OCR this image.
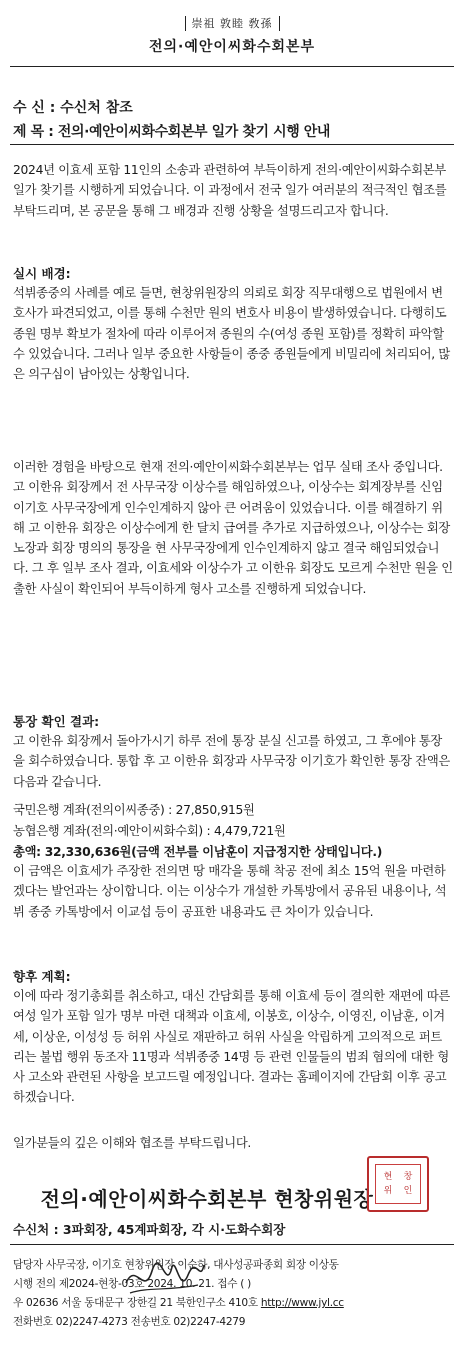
崇祖 敦睦 敎孫
전의·예안이씨화수회본부
수 신 : 수신처 참조
제 목 : 전의·예안이씨화수회본부 일가 찾기 시행 안내

2024년 이효세 포함 11인의 소송과 관련하여 부득이하게 전의·예안이씨화수회본부 일가 찾기를 시행하게 되었습니다. 이 과정에서 전국 일가 여러분의 적극적인 협조를 부탁드리며, 본 공문을 통해 그 배경과 진행 상황을 설명드리고자 합니다.

실시 배경:

석뷔종중의 사례를 예로 들면, 현창위원장의 의뢰로 회장 직무대행으로 법원에서 변호사가 파견되었고, 이를 통해 수천만 원의 변호사 비용이 발생하였습니다. 다행히도 종원 명부 확보가 절차에 따라 이루어져 종원의 수(여성 종원 포함)를 정확히 파악할 수 있었습니다. 그러나 일부 중요한 사항들이 종중 종원들에게 비밀리에 처리되어, 많은 의구심이 남아있는 상황입니다.

이러한 경험을 바탕으로 현재 전의·예안이씨화수회본부는 업무 실태 조사 중입니다. 고 이한유 회장께서 전 사무국장 이상수를 해임하였으나, 이상수는 회계장부를 신임 이기호 사무국장에게 인수인계하지 않아 큰 어려움이 있었습니다. 이를 해결하기 위해 고 이한유 회장은 이상수에게 한 달치 급여를 추가로 지급하였으나, 이상수는 회장 노장과 회장 명의의 통장을 현 사무국장에게 인수인계하지 않고 결국 해임되었습니다. 그 후 일부 조사 결과, 이효세와 이상수가 고 이한유 회장도 모르게 수천만 원을 인출한 사실이 확인되어 부득이하게 형사 고소를 진행하게 되었습니다.

통장 확인 결과:

고 이한유 회장께서 돌아가시기 하루 전에 통장 분실 신고를 하였고, 그 후에야 통장을 회수하였습니다. 통합 후 고 이한유 회장과 사무국장 이기호가 확인한 통장 잔액은 다음과 같습니다.

국민은행 계좌(전의이씨종중) : 27,850,915원
농협은행 계좌(전의·예안이씨화수회) : 4,479,721원
총액: 32,330,636원(금액 전부를 이남훈이 지급정지한 상태입니다.)

이 금액은 이효세가 주장한 전의면 땅 매각을 통해 착공 전에 최소 15억 원을 마련하겠다는 발언과는 상이합니다. 이는 이상수가 개설한 카톡방에서 공유된 내용이나, 석뷔 종중 카톡방에서 이교섭 등이 공표한 내용과도 큰 차이가 있습니다.

향후 계획:

이에 따라 정기총회를 취소하고, 대신 간담회를 통해 이효세 등이 결의한 재편에 따른 여성 일가 포함 일가 명부 마련 대책과 이효세, 이봉호, 이상수, 이영진, 이남훈, 이겨세, 이상운, 이성성 등 허위 사실로 재판하고 허위 사실을 악립하게 고의적으로 퍼트리는 불법 행위 동조자 11명과 석뷔종중 14명 등 관련 인물들의 범죄 혐의에 대한 형사 고소와 관련된 사항을 보고드릴 예정입니다. 결과는 홈페이지에 간담회 이후 공고하겠습니다.

일가분들의 깊은 이해와 협조를 부탁드립니다.
전의·예안이씨화수회본부 현창위원장
현	창
위	인
수신처 : 3파회장, 45계파회장, 각 시·도화수회장
담당자 사무국장, 이기호 현창위원장 이순하, 대사성공파종회 회장 이상동
시행 전의 제2024-현창-03호 2024. 10. 21. 접수 ( )
우 02636 서울 동대문구 장한길 21 북한인구소 410호 http://www.jyl.cc
전화번호 02)2247-4273 전송번호 02)2247-4279
